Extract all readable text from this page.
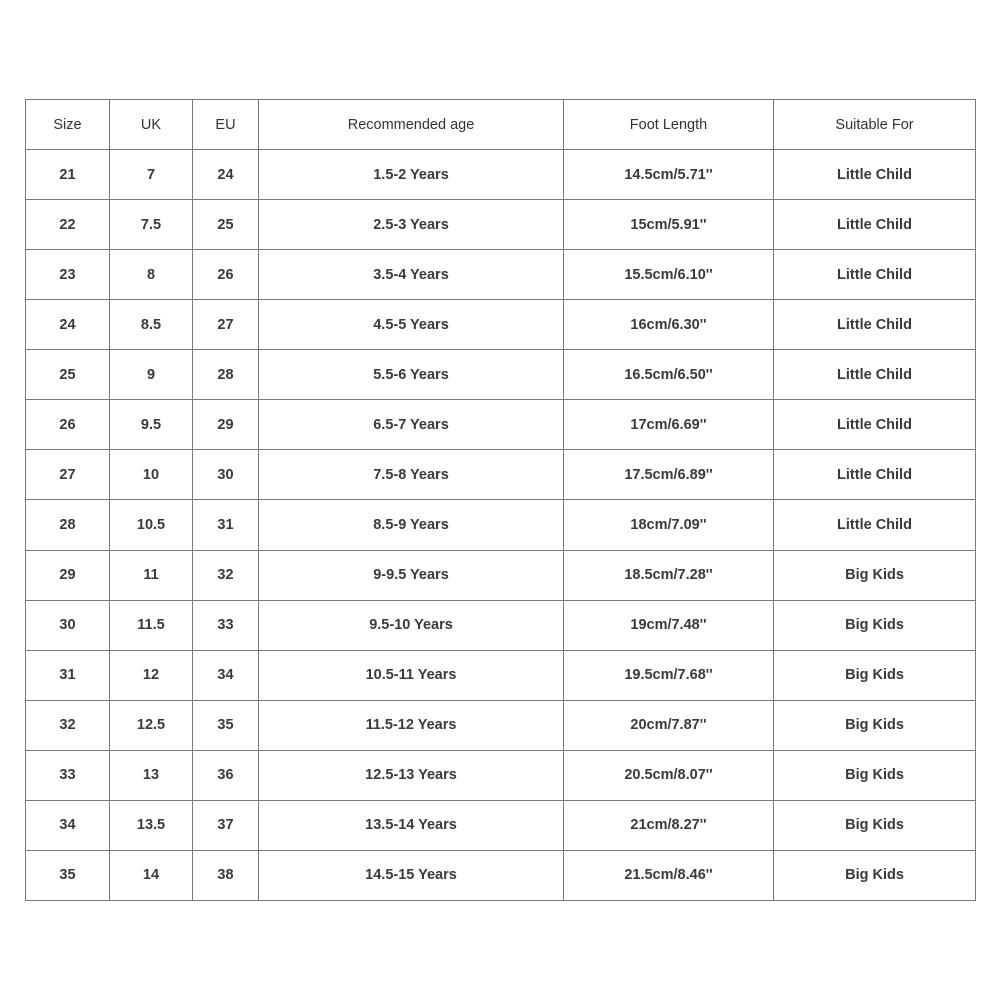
Size	UK	EU	Recommended age	Foot Length	Suitable For
21	7	24	1.5-2 Years	14.5cm/5.71''	Little Child
22	7.5	25	2.5-3 Years	15cm/5.91''	Little Child
23	8	26	3.5-4 Years	15.5cm/6.10''	Little Child
24	8.5	27	4.5-5 Years	16cm/6.30''	Little Child
25	9	28	5.5-6 Years	16.5cm/6.50''	Little Child
26	9.5	29	6.5-7 Years	17cm/6.69''	Little Child
27	10	30	7.5-8 Years	17.5cm/6.89''	Little Child
28	10.5	31	8.5-9 Years	18cm/7.09''	Little Child
29	11	32	9-9.5 Years	18.5cm/7.28''	Big Kids
30	11.5	33	9.5-10 Years	19cm/7.48''	Big Kids
31	12	34	10.5-11 Years	19.5cm/7.68''	Big Kids
32	12.5	35	11.5-12 Years	20cm/7.87''	Big Kids
33	13	36	12.5-13 Years	20.5cm/8.07''	Big Kids
34	13.5	37	13.5-14 Years	21cm/8.27''	Big Kids
35	14	38	14.5-15 Years	21.5cm/8.46''	Big Kids
